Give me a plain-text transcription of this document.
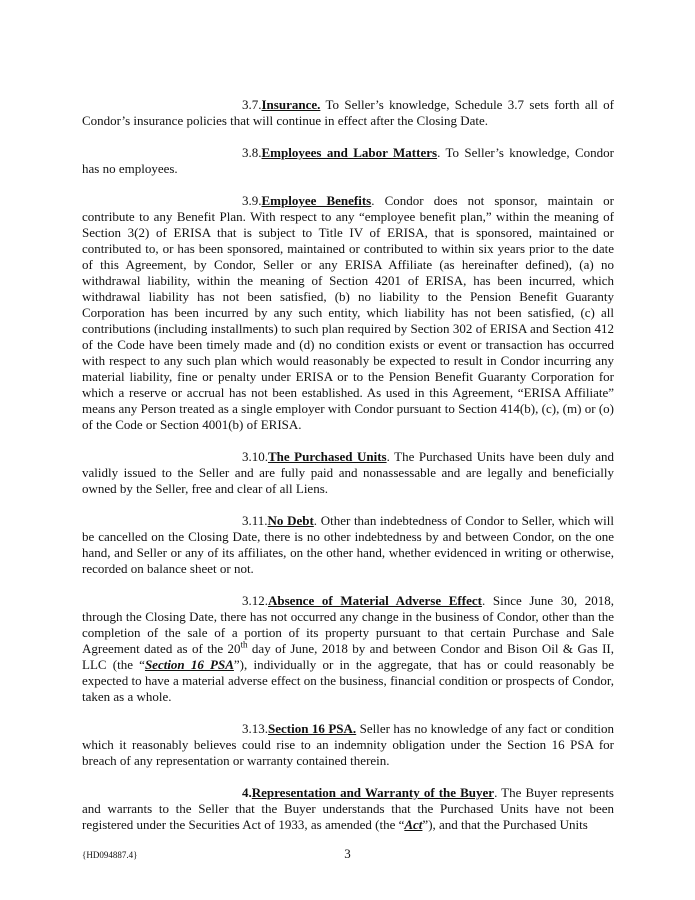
3.7.Insurance. To Seller’s knowledge, Schedule 3.7 sets forth all of Condor’s insurance policies that will continue in effect after the Closing Date.

3.8.Employees and Labor Matters. To Seller’s knowledge, Condor has no employees.

3.9.Employee Benefits. Condor does not sponsor, maintain or contribute to any Benefit Plan. With respect to any “employee benefit plan,” within the meaning of Section 3(2) of ERISA that is subject to Title IV of ERISA, that is sponsored, maintained or contributed to, or has been sponsored, maintained or contributed to within six years prior to the date of this Agreement, by Condor, Seller or any ERISA Affiliate (as hereinafter defined), (a) no withdrawal liability, within the meaning of Section 4201 of ERISA, has been incurred, which withdrawal liability has not been satisfied, (b) no liability to the Pension Benefit Guaranty Corporation has been incurred by any such entity, which liability has not been satisfied, (c) all contributions (including installments) to such plan required by Section 302 of ERISA and Section 412 of the Code have been timely made and (d) no condition exists or event or transaction has occurred with respect to any such plan which would reasonably be expected to result in Condor incurring any material liability, fine or penalty under ERISA or to the Pension Benefit Guaranty Corporation for which a reserve or accrual has not been established. As used in this Agreement, “ERISA Affiliate” means any Person treated as a single employer with Condor pursuant to Section 414(b), (c), (m) or (o) of the Code or Section 4001(b) of ERISA.

3.10.The Purchased Units. The Purchased Units have been duly and validly issued to the Seller and are fully paid and nonassessable and are legally and beneficially owned by the Seller, free and clear of all Liens.

3.11.No Debt. Other than indebtedness of Condor to Seller, which will be cancelled on the Closing Date, there is no other indebtedness by and between Condor, on the one hand, and Seller or any of its affiliates, on the other hand, whether evidenced in writing or otherwise, recorded on balance sheet or not.

3.12.Absence of Material Adverse Effect. Since June 30, 2018, through the Closing Date, there has not occurred any change in the business of Condor, other than the completion of the sale of a portion of its property pursuant to that certain Purchase and Sale Agreement dated as of the 20th day of June, 2018 by and between Condor and Bison Oil & Gas II, LLC (the “Section 16 PSA”), individually or in the aggregate, that has or could reasonably be expected to have a material adverse effect on the business, financial condition or prospects of Condor, taken as a whole.

3.13.Section 16 PSA. Seller has no knowledge of any fact or condition which it reasonably believes could rise to an indemnity obligation under the Section 16 PSA for breach of any representation or warranty contained therein.

4.Representation and Warranty of the Buyer. The Buyer represents and warrants to the Seller that the Buyer understands that the Purchased Units have not been registered under the Securities Act of 1933, as amended (the “Act”), and that the Purchased Units

{HD094887.4}	3
